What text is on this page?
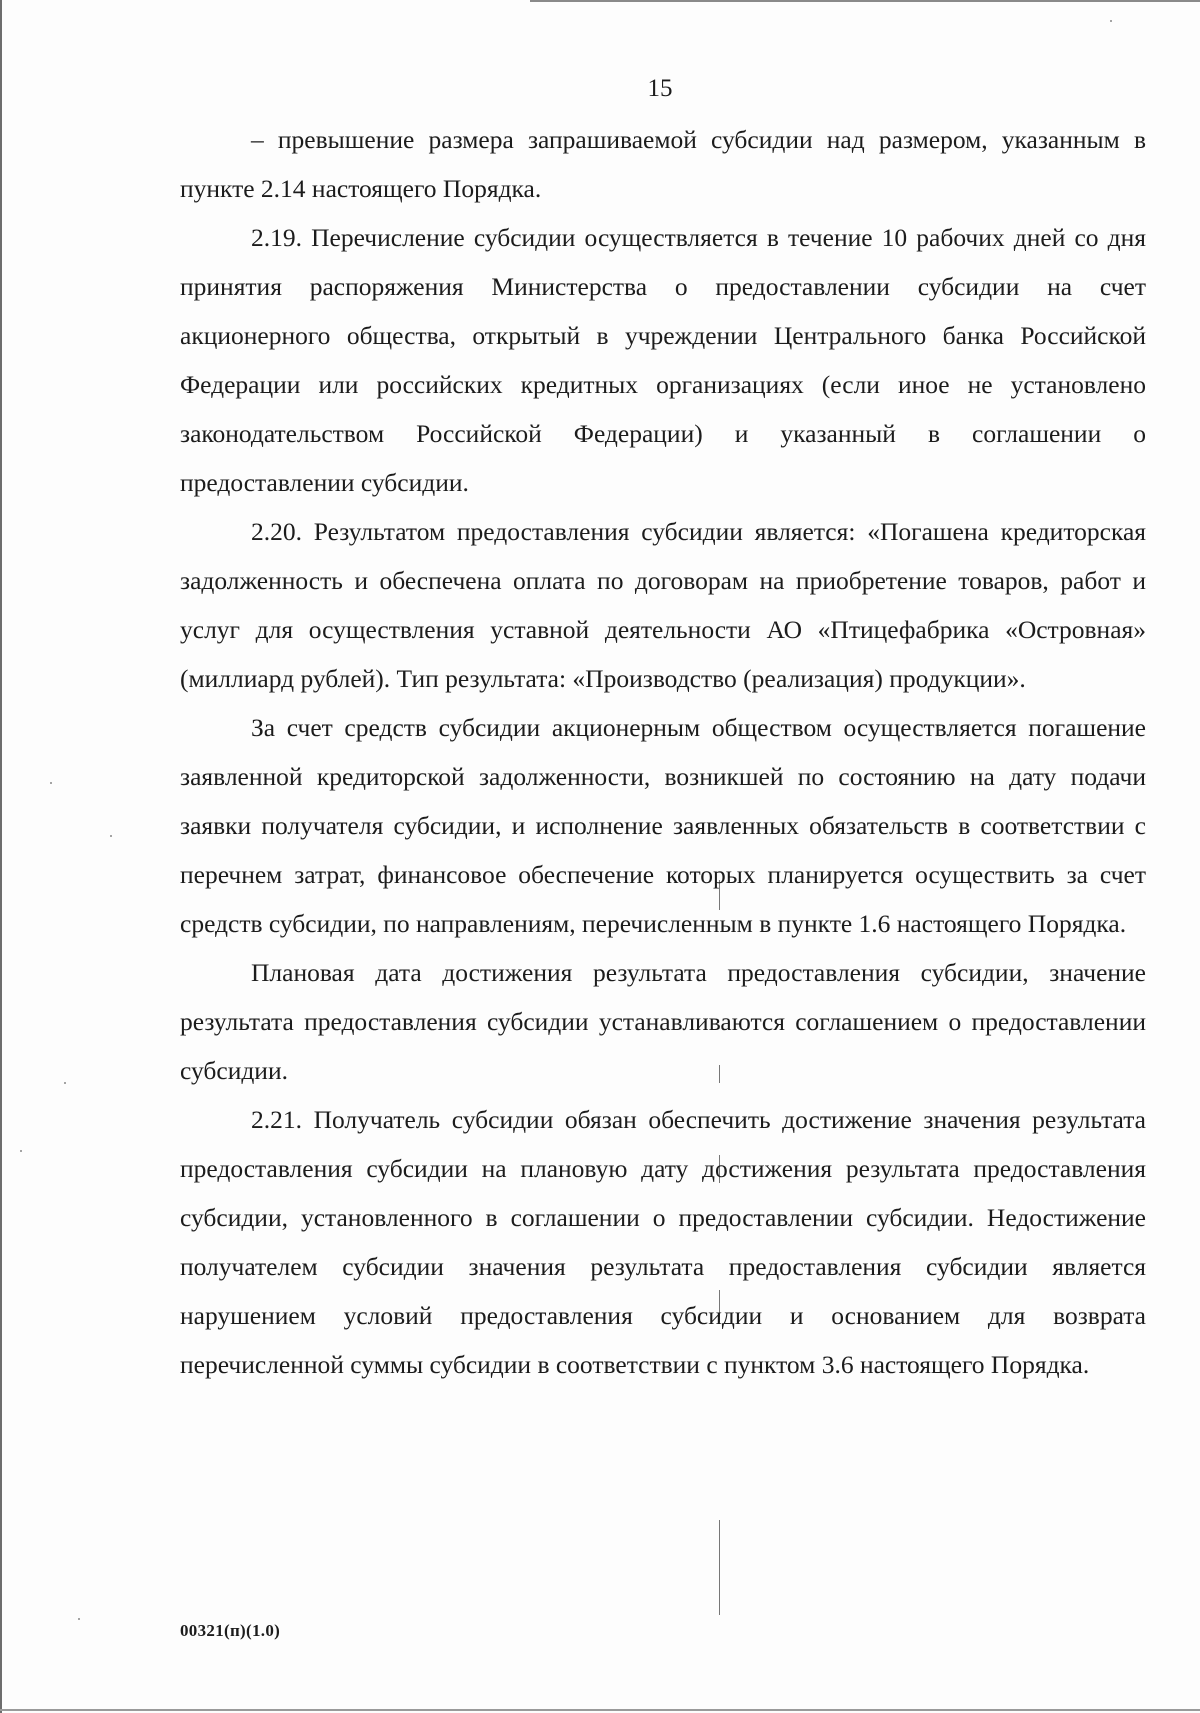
15

– превышение размера запрашиваемой субсидии над размером, указанным в пункте 2.14 настоящего Порядка.

2.19. Перечисление субсидии осуществляется в течение 10 рабочих дней со дня принятия распоряжения Министерства о предоставлении субсидии на счет акционерного общества, открытый в учреждении Центрального банка Российской Федерации или российских кредитных организациях (если иное не установлено законодательством Российской Федерации) и указанный в соглашении о предоставлении субсидии.

2.20. Результатом предоставления субсидии является: «Погашена кредиторская задолженность и обеспечена оплата по договорам на приобретение товаров, работ и услуг для осуществления уставной деятельности АО «Птицефабрика «Островная» (миллиард рублей). Тип результата: «Производство (реализация) продукции».

За счет средств субсидии акционерным обществом осуществляется погашение заявленной кредиторской задолженности, возникшей по состоянию на дату подачи заявки получателя субсидии, и исполнение заявленных обязательств в соответствии с перечнем затрат, финансовое обеспечение которых планируется осуществить за счет средств субсидии, по направлениям, перечисленным в пункте 1.6 настоящего Порядка.

Плановая дата достижения результата предоставления субсидии, значение результата предоставления субсидии устанавливаются соглашением о предоставлении субсидии.

2.21. Получатель субсидии обязан обеспечить достижение значения результата предоставления субсидии на плановую дату достижения результата предоставления субсидии, установленного в соглашении о предоставлении субсидии. Недостижение получателем субсидии значения результата предоставления субсидии является нарушением условий предоставления субсидии и основанием для возврата перечисленной суммы субсидии в соответствии с пунктом 3.6 настоящего Порядка.

00321(п)(1.0)
